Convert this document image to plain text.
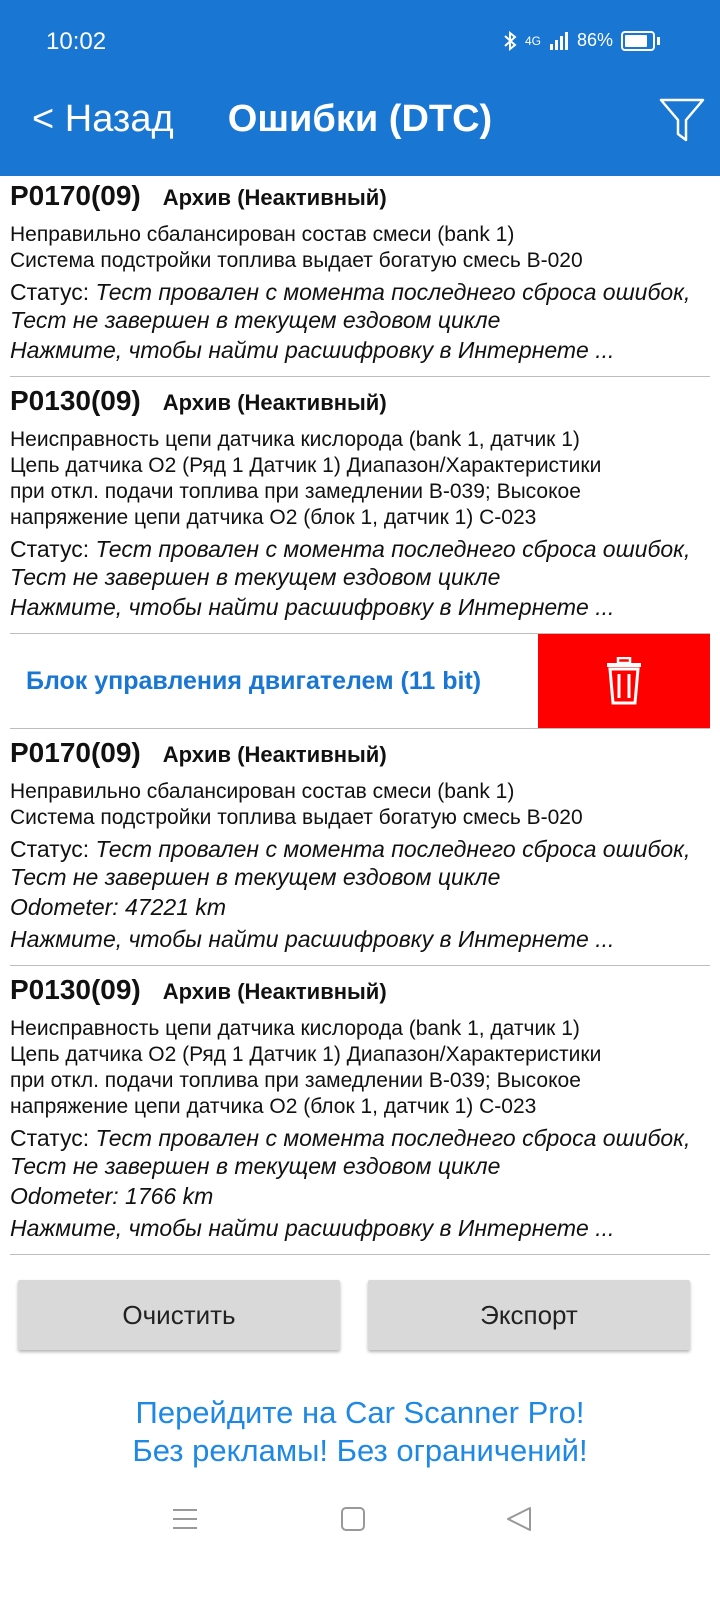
10:02	4G 86%
< Назад	Ошибки (DTC)
P0170(09) Архив (Неактивный)
Неправильно сбалансирован состав смеси (bank 1)
Система подстройки топлива выдает богатую смесь B-020
Статус: Тест провален с момента последнего сброса ошибок,
Тест не завершен в текущем ездовом цикле
Нажмите, чтобы найти расшифровку в Интернете ...
P0130(09) Архив (Неактивный)
Неисправность цепи датчика кислорода (bank 1, датчик 1)
Цепь датчика O2 (Ряд 1 Датчик 1) Диапазон/Характеристики
при откл. подачи топлива при замедлении B-039; Высокое
напряжение цепи датчика O2 (блок 1, датчик 1) C-023
Статус: Тест провален с момента последнего сброса ошибок,
Тест не завершен в текущем ездовом цикле
Нажмите, чтобы найти расшифровку в Интернете ...
Блок управления двигателем (11 bit)
P0170(09) Архив (Неактивный)
Неправильно сбалансирован состав смеси (bank 1)
Система подстройки топлива выдает богатую смесь B-020
Статус: Тест провален с момента последнего сброса ошибок,
Тест не завершен в текущем ездовом цикле
Odometer: 47221 km
Нажмите, чтобы найти расшифровку в Интернете ...
P0130(09) Архив (Неактивный)
Неисправность цепи датчика кислорода (bank 1, датчик 1)
Цепь датчика O2 (Ряд 1 Датчик 1) Диапазон/Характеристики
при откл. подачи топлива при замедлении B-039; Высокое
напряжение цепи датчика O2 (блок 1, датчик 1) C-023
Статус: Тест провален с момента последнего сброса ошибок,
Тест не завершен в текущем ездовом цикле
Odometer: 1766 km
Нажмите, чтобы найти расшифровку в Интернете ...
Очистить	Экспорт
Перейдите на Car Scanner Pro!
Без рекламы! Без ограничений!
